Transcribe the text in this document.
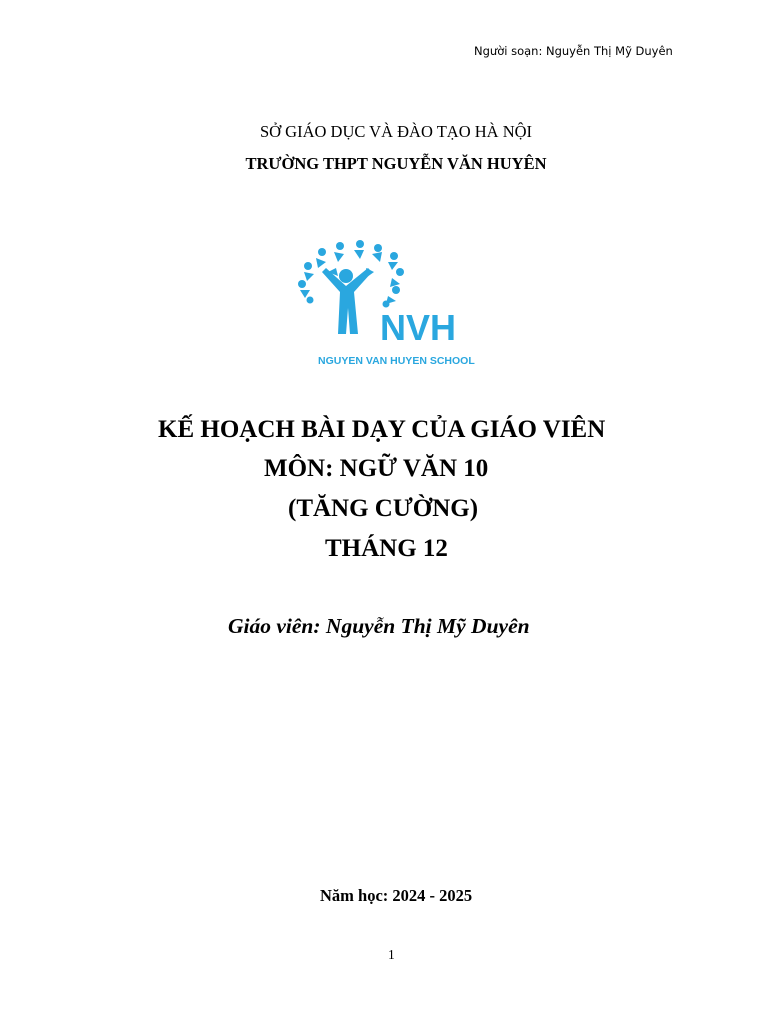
Người soạn: Nguyễn Thị Mỹ Duyên
SỞ GIÁO DỤC VÀ ĐÀO TẠO HÀ NỘI
TRƯỜNG THPT NGUYỄN VĂN HUYÊN
NVH
NGUYEN VAN HUYEN SCHOOL
KẾ HOẠCH BÀI DẠY CỦA GIÁO VIÊN
MÔN: NGỮ VĂN 10
(TĂNG CƯỜNG)
THÁNG 12
Giáo viên: Nguyễn Thị Mỹ Duyên
Năm học: 2024 - 2025
1
